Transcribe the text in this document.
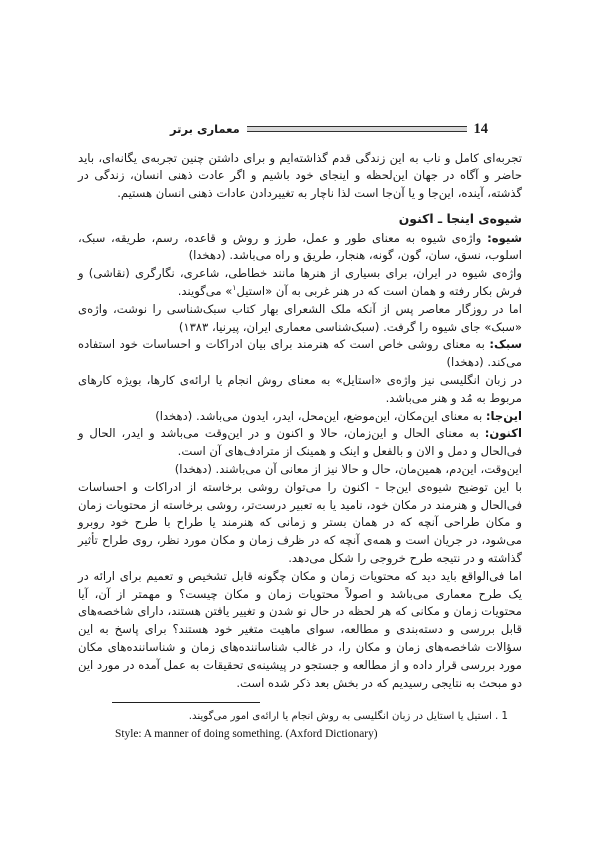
معماری برتر	14

تجربه‌ای کامل و ناب به این زندگی قدم گذاشته‌ایم و برای داشتن چنین تجربه‌ی یگانه‌ای، باید حاضر و آگاه در جهان این‌لحظه و اینجای خود باشیم و اگر عادت ذهنی انسان، زندگی در گذشته، آینده، این‌جا و یا آن‌جا است لذا ناچار به تغییردادن عادات ذهنی انسان هستیم.

شیوه‌ی اینجا ـ اکنون

شیوه: واژه‌ی شیوه به معنای طور و عمل، طرز و روش و قاعده، رسم، طریقه، سبک، اسلوب، نسق، سان، گون، گونه، هنجار، طریق و راه می‌باشد. (دهخدا)

واژه‌ی شیوه در ایران، برای بسیاری از هنرها مانند خطاطی، شاعری، نگارگری (نقاشی) و فرش بکار رفته و همان است که در هنر غربی به آن «استیل$^۱$» می‌گویند.

اما در روزگار معاصر پس از آنکه ملک الشعرای بهار کتاب سبک‌شناسی را نوشت، واژه‌ی «سبک» جای شیوه را گرفت. (سبک‌شناسی معماری ایران، پیرنیا، ۱۳۸۳)

سبک: به معنای روشی خاص است که هنرمند برای بیان ادراکات و احساسات خود استفاده می‌کند. (دهخدا)

در زبان انگلیسی نیز واژه‌ی «استایل» به معنای روش انجام یا ارائه‌ی کارها، بویژه کارهای مربوط به مُد و هنر می‌باشد.

این‌جا: به معنای این‌مکان، این‌موضع، این‌محل، ایدر، ایدون می‌باشد. (دهخدا)

اکنون: به معنای الحال و این‌زمان، حالا و اکنون و در این‌وقت می‌باشد و ایدر، الحال و فی‌الحال و دمل و الان و بالفعل و اینک و همینک از مترادف‌های آن است.

این‌وقت، این‌دم، همین‌مان، حال و حالا نیز از معانی آن می‌باشند. (دهخدا)

با این توضیح شیوه‌ی این‌جا - اکنون را می‌توان روشی برخاسته از ادراکات و احساسات فی‌الحال و هنرمند در مکان خود، نامید یا به تعبیر درست‌تر، روشی برخاسته از محتویات زمان و مکان طراحی آنچه که در همان بستر و زمانی که هنرمند یا طراح با طرح خود روبرو می‌شود، در جریان است و همه‌ی آنچه که در ظرف زمان و مکان مورد نظر، روی طراح تأثیر گذاشته و در نتیجه طرح خروجی را شکل می‌دهد.

اما فی‌الواقع باید دید که محتویات زمان و مکان چگونه قابل تشخیص و تعمیم برای ارائه در یک طرح معماری می‌باشد و اصولاً محتویات زمان و مکان چیست؟ و مهمتر از آن، آیا محتویات زمان و مکانی که هر لحظه در حال نو شدن و تغییر یافتن هستند، دارای شاخصه‌های قابل بررسی و دسته‌بندی و مطالعه، سوای ماهیت متغیر خود هستند؟ برای پاسخ به این سؤالات شاخصه‌های زمان و مکان را، در غالب شناساننده‌های زمان و شناساننده‌های مکان مورد بررسی قرار داده و از مطالعه و جستجو در پیشینه‌ی تحقیقات به عمل آمده در مورد این دو مبحث به نتایجی رسیدیم که در بخش بعد ذکر شده است.

1 .استیل یا استایل در زبان انگلیسی به روش انجام یا ارائه‌ی امور می‌گویند.
Style: A manner of doing something. (Axford Dictionary)
